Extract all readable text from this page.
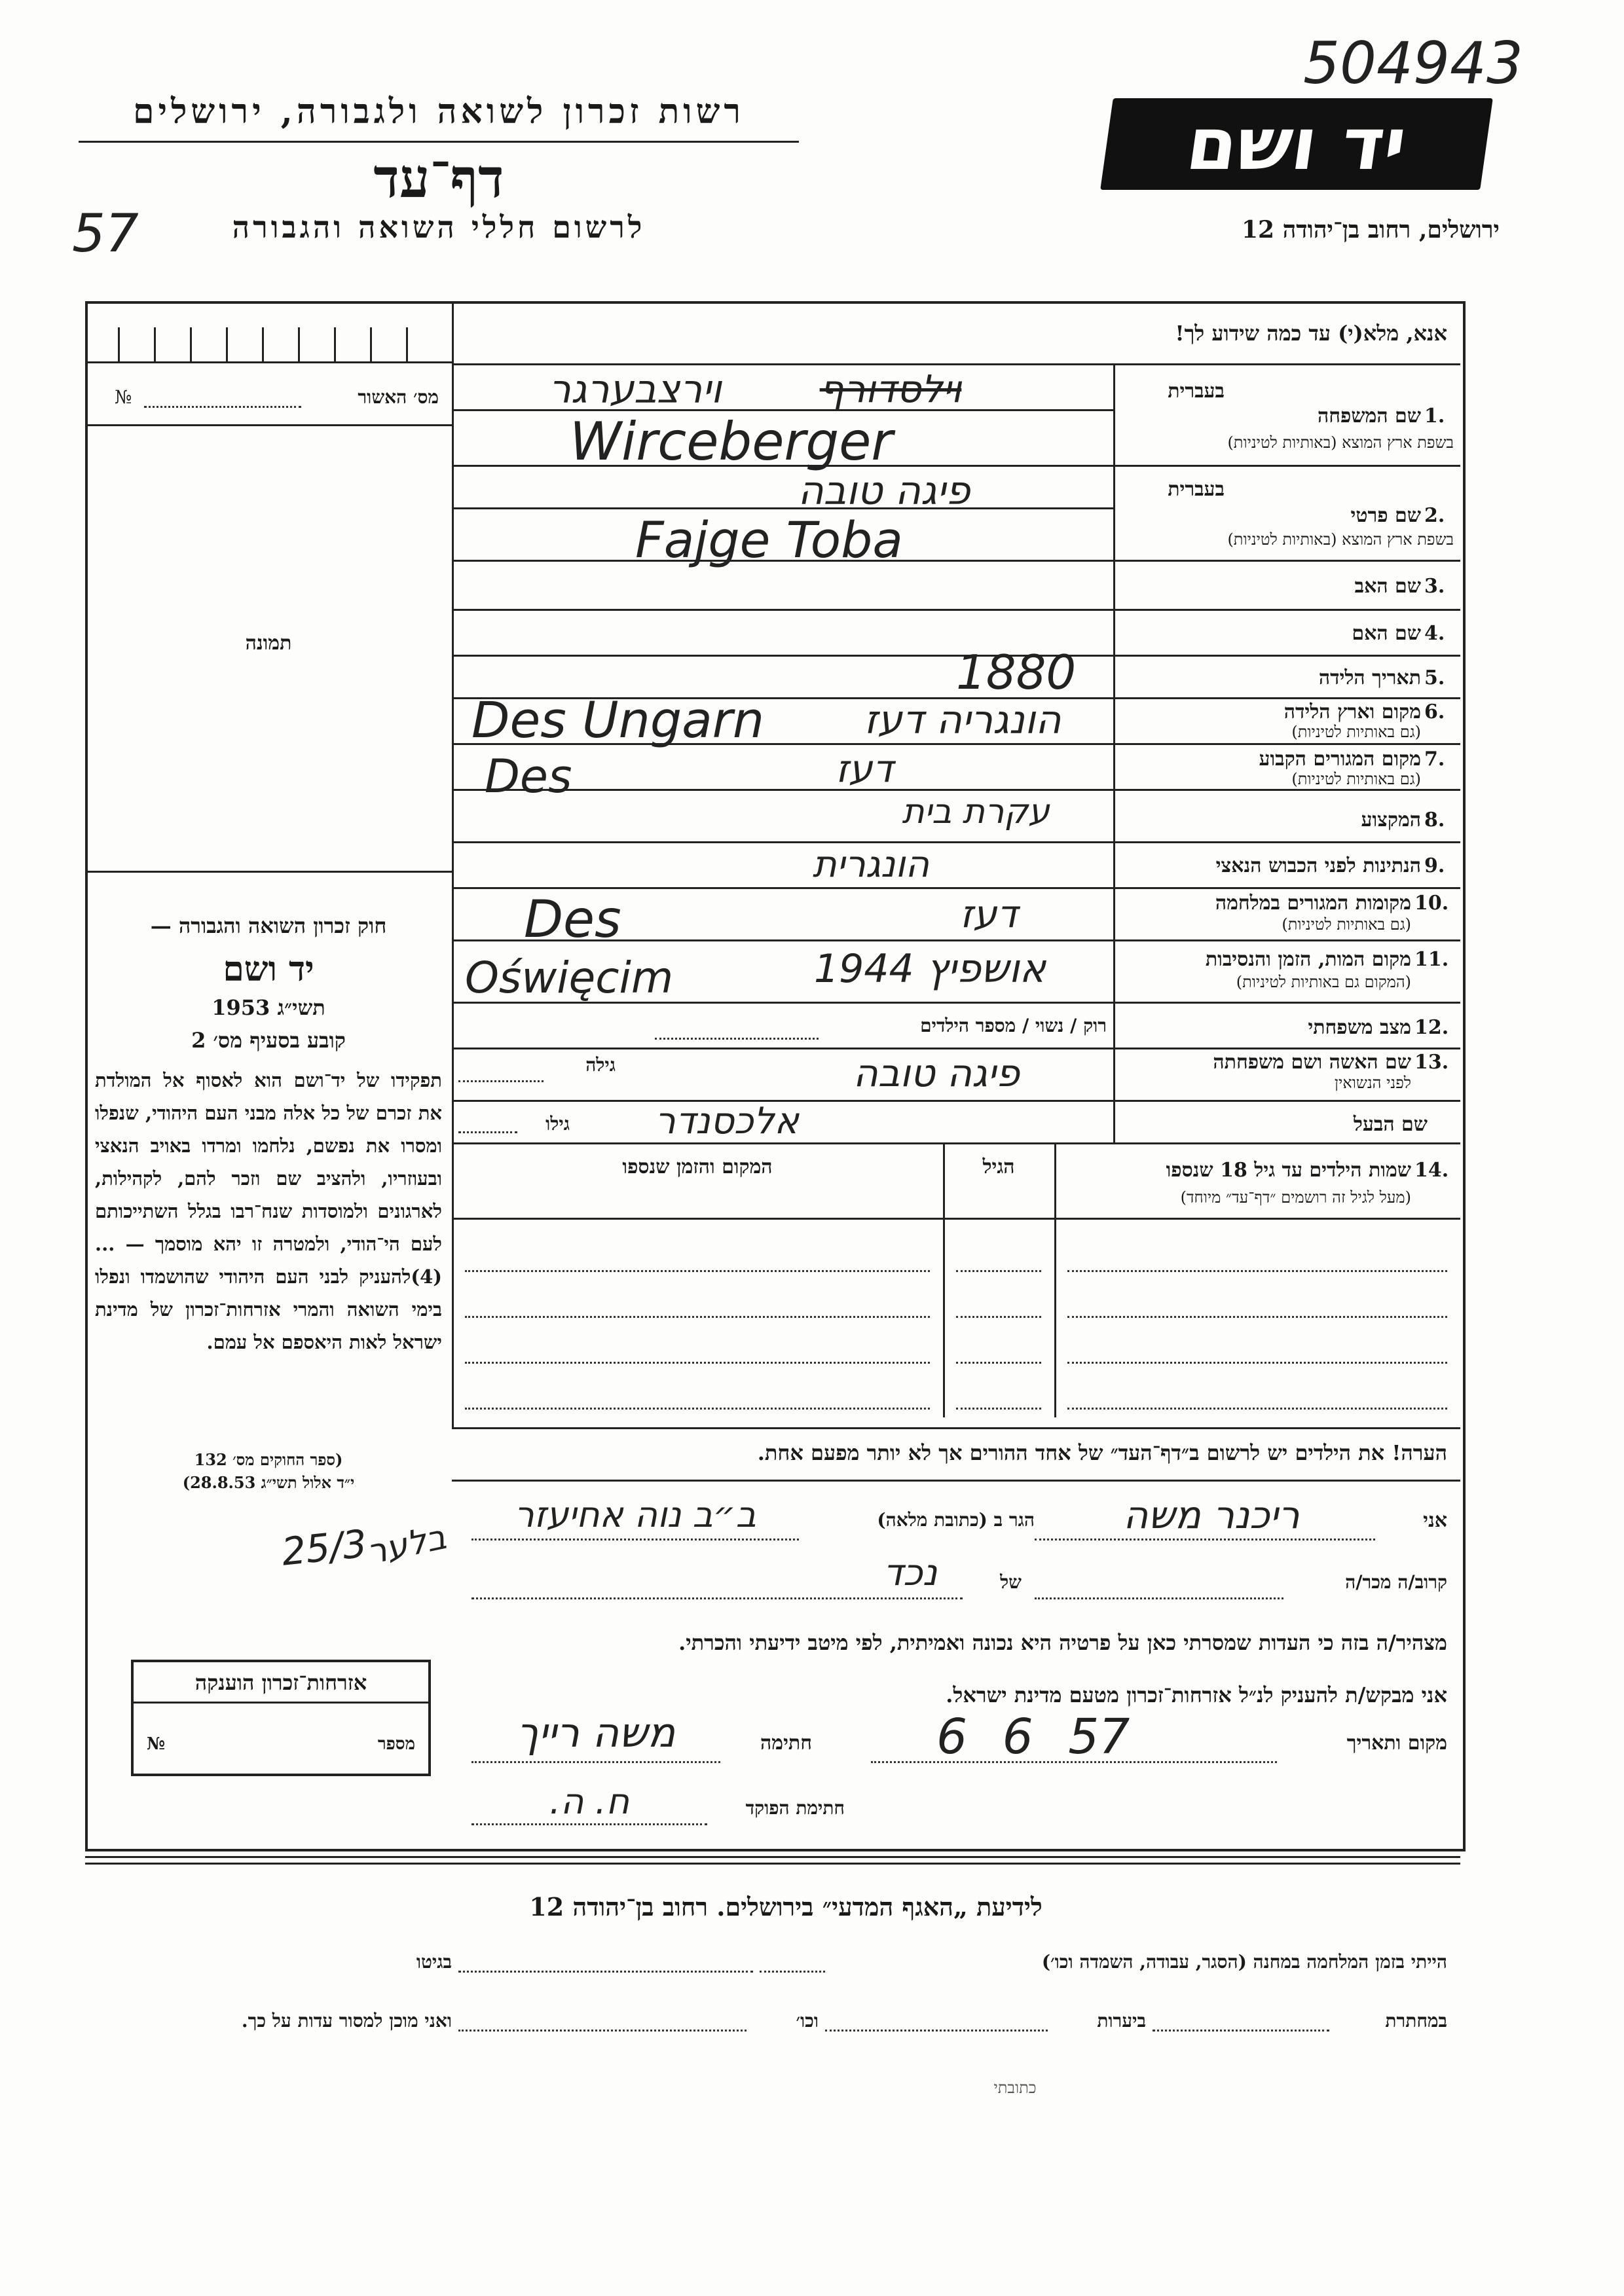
504943
רשות זכרון לשואה ולגבורה, ירושלים
דף־עד
לרשום חללי השואה והגבורה
57
יד ושם
ירושלים, רחוב בן־יהודה 12
אנא, מלא(י) עד כמה שידוע לך!
מס׳ האשור
№
תמונה
חוק זכרון השואה והגבורה —
יד ושם
תשי״ג 1953
קובע בסעיף מס׳ 2
תפקידו של יד־ושם הוא לאסוף אל המולדת את זכרם של כל אלה מבני העם היהודי, שנפלו ומסרו את נפשם, נלחמו ומרדו באויב הנאצי ובעוזריו, ולהציב שם וזכר להם, לקהילות, לארגונים ולמוסדות שנח־רבו בגלל השתייכותם לעם הי־הודי, ולמטרה זו יהא מוסמך — ...(4)להעניק לבני העם היהודי שהושמדו ונפלו בימי השואה והמרי אזרחות־זכרון של מדינת ישראל לאות היאספם אל עמם.
(ספר החוקים מס׳ 132
י״ד אלול תשי״ג 28.8.53)
25/3
בלער
אזרחות־זכרון הוענקה
מספר
№
1.
בעברית
שם המשפחה
בשפת ארץ המוצא (באותיות לטיניות)
וילסדורף
וירצבערגר
Wirceberger
2.
בעברית
שם פרטי
בשפת ארץ המוצא (באותיות לטיניות)
פיגה טובה
Fajge Toba
3.
שם האב
4.
שם האם
5.
תאריך הלידה
1880
6.
מקום וארץ הלידה
(גם באותיות לטיניות)
Des Ungarn	הונגריה דעז
7.
מקום המגורים הקבוע
(גם באותיות לטיניות)
Des	דעז
8.
המקצוע
עקרת בית
9.
הנתינות לפני הכבוש הנאצי
הונגרית
10.
מקומות המגורים במלחמה
(גם באותיות לטיניות)
Des	דעז
11.
מקום המות, הזמן והנסיבות
(המקום גם באותיות לטיניות)
Oświęcim	אושפיץ 1944
12.
מצב משפחתי
רוק / נשוי / מספר הילדים
13.
שם האשה ושם משפחתה
לפני הנשואין
גילה	פיגה טובה
שם הבעל
גילו	אלכסנדר
14.
שמות הילדים עד גיל 18 שנספו
(מעל לגיל זה רושמים ״דף־עד״ מיוחד)
הגיל
המקום והזמן שנספו
הערה! את הילדים יש לרשום ב״דף־העד״ של אחד ההורים אך לא יותר מפעם אחת.
אני
ריכנר משה
הגר ב (כתובת מלאה)
ב״ב נוה אחיעזר
קרוב/ה מכר/ה
של
נכד
מצהיר/ה בזה כי העדות שמסרתי כאן על פרטיה היא נכונה ואמיתית, לפי מיטב ידיעתי והכרתי.
אני מבקש/ת להעניק לנ״ל אזרחות־זכרון מטעם מדינת ישראל.
מקום ותאריך
6 6 57
חתימה
משה רייך
חתימת הפוקד
ח. ה.
לידיעת „האגף המדעי״ בירושלים. רחוב בן־יהודה 12
הייתי בזמן המלחמה במחנה (הסגר, עבודה, השמדה וכו׳)
בגיטו
במחתרת
ביערות
וכו׳
ואני מוכן למסור עדות על כך.
כתובתי
